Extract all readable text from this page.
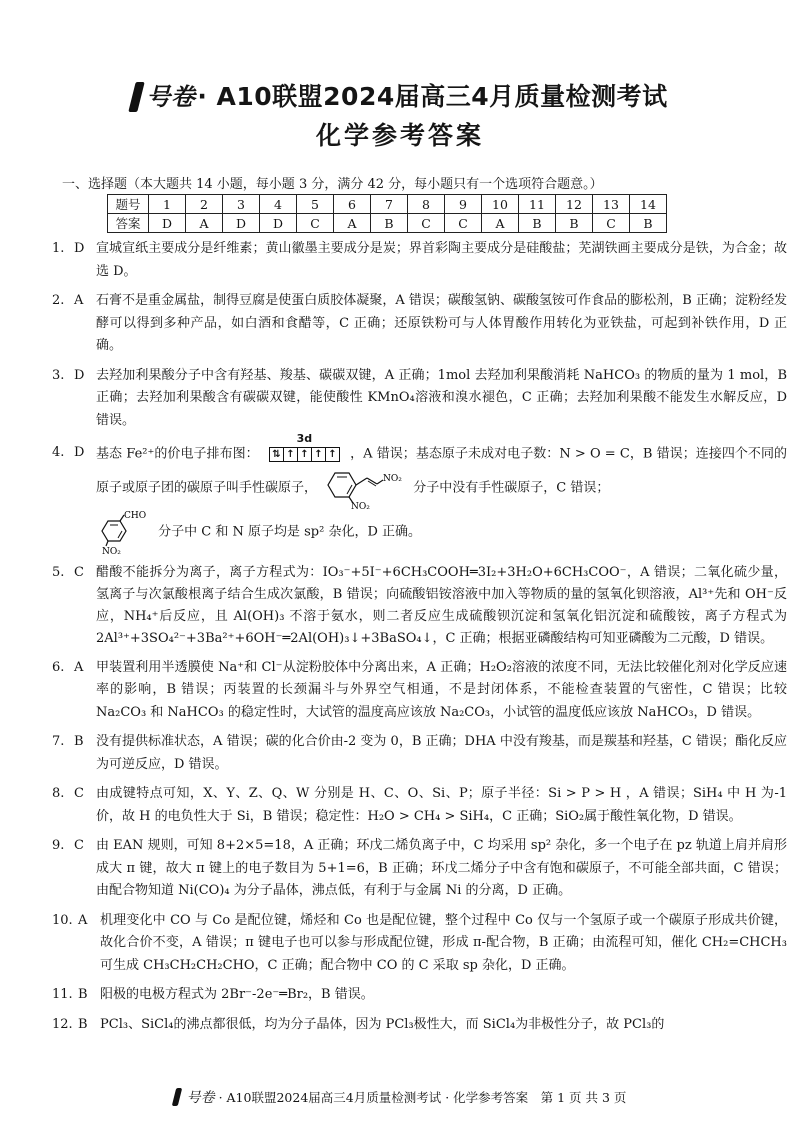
号卷 · A10联盟2024届高三4月质量检测考试
化学参考答案
一、选择题（本大题共 14 小题，每小题 3 分，满分 42 分，每小题只有一个选项符合题意。）
题号	1	2	3	4	5	6	7	8	9	10	11	12	13	14
答案	D	A	D	D	C	A	B	C	C	A	B	B	C	B
1. D 宣城宣纸主要成分是纤维素；黄山徽墨主要成分是炭；界首彩陶主要成分是硅酸盐；芜湖铁画主要成分是铁，为合金；故选 D。
2. A 石膏不是重金属盐，制得豆腐是使蛋白质胶体凝聚，A 错误；碳酸氢钠、碳酸氢铵可作食品的膨松剂，B 正确；淀粉经发酵可以得到多种产品，如白酒和食醋等，C 正确；还原铁粉可与人体胃酸作用转化为亚铁盐，可起到补铁作用，D 正确。
3. D 去羟加利果酸分子中含有羟基、羧基、碳碳双键，A 正确；1mol 去羟加利果酸消耗 NaHCO₃ 的物质的量为 1 mol，B 正确；去羟加利果酸含有碳碳双键，能使酸性 KMnO₄溶液和溴水褪色，C 正确；去羟加利果酸不能发生水解反应，D 错误。
4. D 基态 Fe²⁺的价电子排布图：
3d
⇅ ↑ ↑ ↑ ↑ ，A 错误；基态原子未成对电子数：N > O = C，B 错误；连接四个不同的原子或原子团的碳原子叫手性碳原子，
NO₂
NO₂
分子中没有手性碳原子，C 错误；

CHO
NO₂
分子中 C 和 N 原子均是 sp² 杂化，D 正确。
5. C 醋酸不能拆分为离子，离子方程式为：IO₃⁻+5I⁻+6CH₃COOH═3I₂+3H₂O+6CH₃COO⁻，A 错误；二氧化硫少量，氢离子与次氯酸根离子结合生成次氯酸，B 错误；向硫酸铝铵溶液中加入等物质的量的氢氧化钡溶液，Al³⁺先和 OH⁻反应，NH₄⁺后反应，且 Al(OH)₃ 不溶于氨水，则二者反应生成硫酸钡沉淀和氢氧化铝沉淀和硫酸铵，离子方程式为 2Al³⁺+3SO₄²⁻+3Ba²⁺+6OH⁻═2Al(OH)₃↓+3BaSO₄↓，C 正确；根据亚磷酸结构可知亚磷酸为二元酸，D 错误。
6. A 甲装置利用半透膜使 Na⁺和 Cl⁻从淀粉胶体中分离出来，A 正确；H₂O₂溶液的浓度不同，无法比较催化剂对化学反应速率的影响，B 错误；丙装置的长颈漏斗与外界空气相通，不是封闭体系，不能检查装置的气密性，C 错误；比较 Na₂CO₃ 和 NaHCO₃ 的稳定性时，大试管的温度高应该放 Na₂CO₃，小试管的温度低应该放 NaHCO₃，D 错误。
7. B 没有提供标准状态，A 错误；碳的化合价由-2 变为 0，B 正确；DHA 中没有羧基，而是羰基和羟基，C 错误；酯化反应为可逆反应，D 错误。
8. C 由成键特点可知，X、Y、Z、Q、W 分别是 H、C、O、Si、P；原子半径：Si > P > H ，A 错误；SiH₄ 中 H 为-1 价，故 H 的电负性大于 Si，B 错误；稳定性：H₂O > CH₄ > SiH₄，C 正确；SiO₂属于酸性氧化物，D 错误。
9. C 由 EAN 规则，可知 8+2×5=18，A 正确；环戊二烯负离子中，C 均采用 sp² 杂化，多一个电子在 pz 轨道上肩并肩形成大 π 键，故大 π 键上的电子数目为 5+1=6，B 正确；环戊二烯分子中含有饱和碳原子，不可能全部共面，C 错误；由配合物知道 Ni(CO)₄ 为分子晶体，沸点低，有利于与金属 Ni 的分离，D 正确。
10. A 机理变化中 CO 与 Co 是配位键，烯烃和 Co 也是配位键，整个过程中 Co 仅与一个氢原子或一个碳原子形成共价键，故化合价不变，A 错误；π 键电子也可以参与形成配位键，形成 π-配合物，B 正确；由流程可知，催化 CH₂=CHCH₃ 可生成 CH₃CH₂CH₂CHO，C 正确；配合物中 CO 的 C 采取 sp 杂化，D 正确。
11. B 阳极的电极方程式为 2Br⁻-2e⁻═Br₂，B 错误。
12. B PCl₃、SiCl₄的沸点都很低，均为分子晶体，因为 PCl₃极性大，而 SiCl₄为非极性分子，故 PCl₃的
号卷 · A10联盟2024届高三4月质量检测考试 · 化学参考答案　第 1 页 共 3 页
